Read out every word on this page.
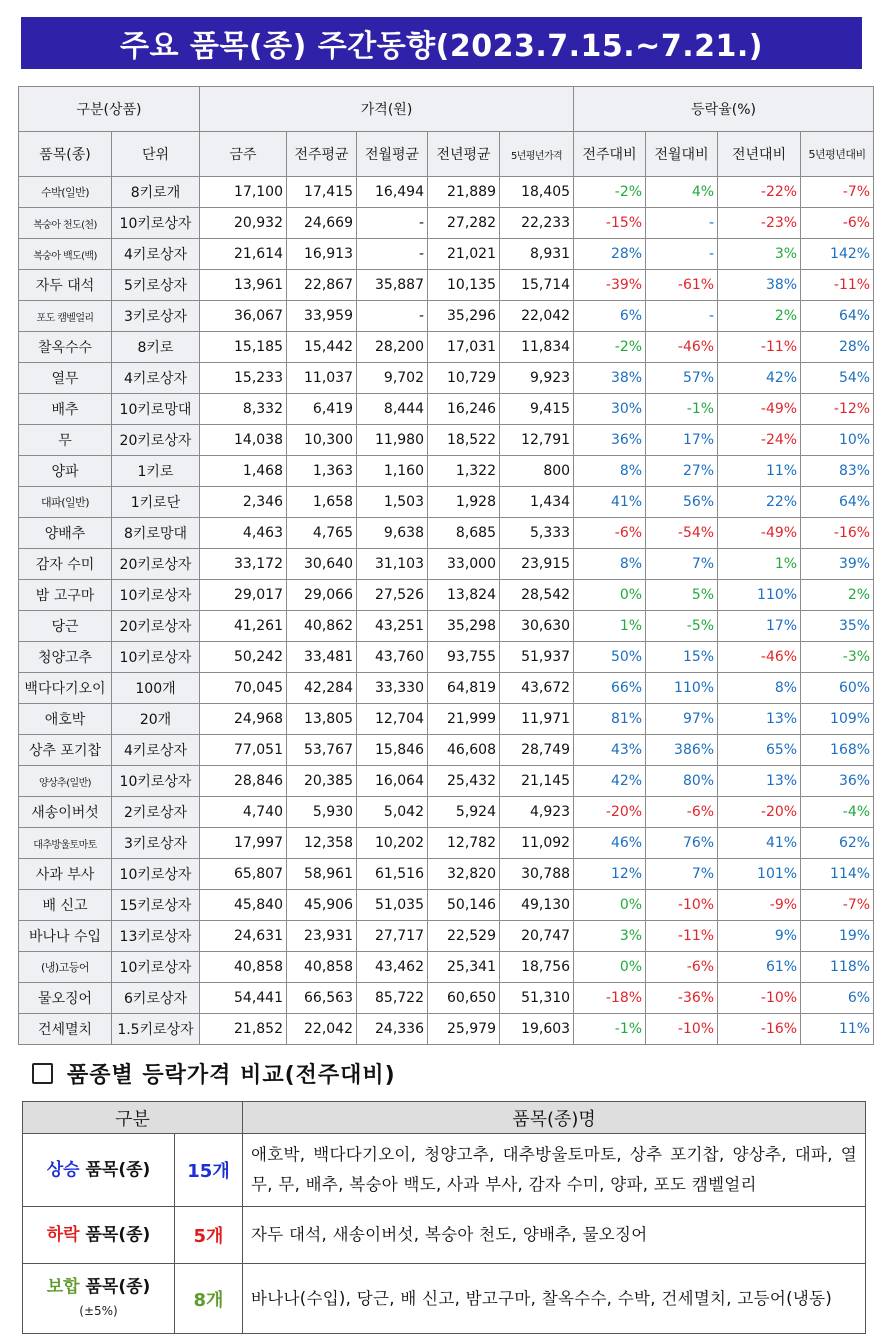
주요 품목(종) 주간동향(2023.7.15.~7.21.)
구분(상품)		가격(원)					등락율(%)			
품목(종)	단위	금주	전주평균	전월평균	전년평균	5년평년가격	전주대비	전월대비	전년대비	5년평년대비
수박(일반)	8키로개	17,100	17,415	16,494	21,889	18,405	-2%	4%	-22%	-7%
복숭아 천도(천)	10키로상자	20,932	24,669	-	27,282	22,233	-15%	-	-23%	-6%
복숭아 백도(백)	4키로상자	21,614	16,913	-	21,021	8,931	28%	-	3%	142%
자두 대석	5키로상자	13,961	22,867	35,887	10,135	15,714	-39%	-61%	38%	-11%
포도 캠벨얼리	3키로상자	36,067	33,959	-	35,296	22,042	6%	-	2%	64%
찰옥수수	8키로	15,185	15,442	28,200	17,031	11,834	-2%	-46%	-11%	28%
열무	4키로상자	15,233	11,037	9,702	10,729	9,923	38%	57%	42%	54%
배추	10키로망대	8,332	6,419	8,444	16,246	9,415	30%	-1%	-49%	-12%
무	20키로상자	14,038	10,300	11,980	18,522	12,791	36%	17%	-24%	10%
양파	1키로	1,468	1,363	1,160	1,322	800	8%	27%	11%	83%
대파(일반)	1키로단	2,346	1,658	1,503	1,928	1,434	41%	56%	22%	64%
양배추	8키로망대	4,463	4,765	9,638	8,685	5,333	-6%	-54%	-49%	-16%
감자 수미	20키로상자	33,172	30,640	31,103	33,000	23,915	8%	7%	1%	39%
밤 고구마	10키로상자	29,017	29,066	27,526	13,824	28,542	0%	5%	110%	2%
당근	20키로상자	41,261	40,862	43,251	35,298	30,630	1%	-5%	17%	35%
청양고추	10키로상자	50,242	33,481	43,760	93,755	51,937	50%	15%	-46%	-3%
백다다기오이	100개	70,045	42,284	33,330	64,819	43,672	66%	110%	8%	60%
애호박	20개	24,968	13,805	12,704	21,999	11,971	81%	97%	13%	109%
상추 포기찹	4키로상자	77,051	53,767	15,846	46,608	28,749	43%	386%	65%	168%
양상추(일반)	10키로상자	28,846	20,385	16,064	25,432	21,145	42%	80%	13%	36%
새송이버섯	2키로상자	4,740	5,930	5,042	5,924	4,923	-20%	-6%	-20%	-4%
대추방울토마토	3키로상자	17,997	12,358	10,202	12,782	11,092	46%	76%	41%	62%
사과 부사	10키로상자	65,807	58,961	61,516	32,820	30,788	12%	7%	101%	114%
배 신고	15키로상자	45,840	45,906	51,035	50,146	49,130	0%	-10%	-9%	-7%
바나나 수입	13키로상자	24,631	23,931	27,717	22,529	20,747	3%	-11%	9%	19%
(냉)고등어	10키로상자	40,858	40,858	43,462	25,341	18,756	0%	-6%	61%	118%
물오징어	6키로상자	54,441	66,563	85,722	60,650	51,310	-18%	-36%	-10%	6%
건세멸치	1.5키로상자	21,852	22,042	24,336	25,979	19,603	-1%	-10%	-16%	11%
품종별 등락가격 비교(전주대비)
구분		품목(종)명
상승 품목(종)	15개	애호박, 백다다기오이, 청양고추, 대추방울토마토, 상추 포기찹, 양상추, 대파, 열무, 무, 배추, 복숭아 백도, 사과 부사, 감자 수미, 양파, 포도 캠벨얼리
하락 품목(종)	5개	자두 대석, 새송이버섯, 복숭아 천도, 양배추, 물오징어
보합 품목(종)
(±5%)	8개	바나나(수입), 당근, 배 신고, 밤고구마, 찰옥수수, 수박, 건세멸치, 고등어(냉동)
